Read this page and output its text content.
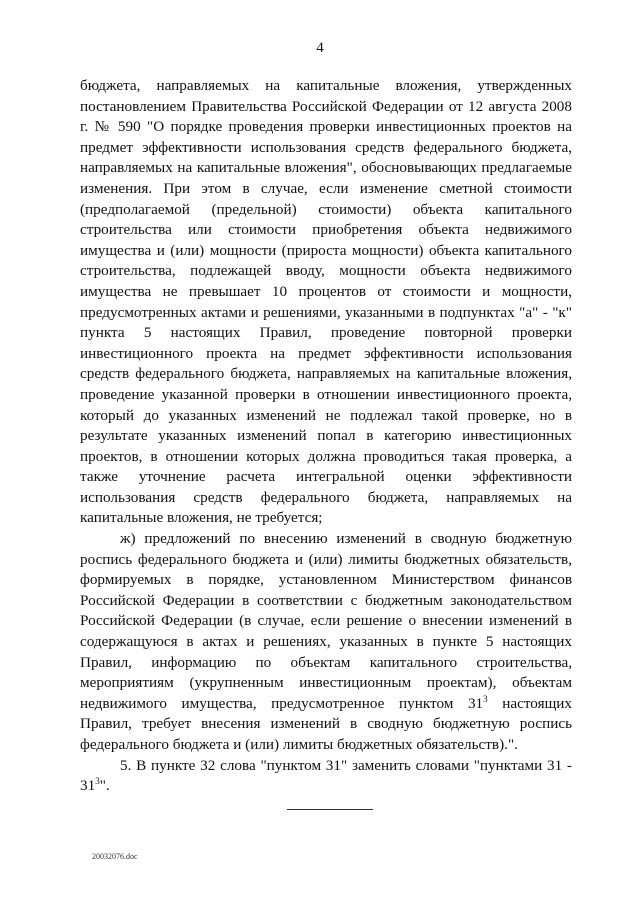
4

бюджета, направляемых на капитальные вложения, утвержденных постановлением Правительства Российской Федерации от 12 августа 2008 г. № 590 "О порядке проведения проверки инвестиционных проектов на предмет эффективности использования средств федерального бюджета, направляемых на капитальные вложения", обосновывающих предлагаемые изменения. При этом в случае, если изменение сметной стоимости (предполагаемой (предельной) стоимости) объекта капитального строительства или стоимости приобретения объекта недвижимого имущества и (или) мощности (прироста мощности) объекта капитального строительства, подлежащей вводу, мощности объекта недвижимого имущества не превышает 10 процентов от стоимости и мощности, предусмотренных актами и решениями, указанными в подпунктах "а" - "к" пункта 5 настоящих Правил, проведение повторной проверки инвестиционного проекта на предмет эффективности использования средств федерального бюджета, направляемых на капитальные вложения, проведение указанной проверки в отношении инвестиционного проекта, который до указанных изменений не подлежал такой проверке, но в результате указанных изменений попал в категорию инвестиционных проектов, в отношении которых должна проводиться такая проверка, а также уточнение расчета интегральной оценки эффективности использования средств федерального бюджета, направляемых на капитальные вложения, не требуется;

ж) предложений по внесению изменений в сводную бюджетную роспись федерального бюджета и (или) лимиты бюджетных обязательств, формируемых в порядке, установленном Министерством финансов Российской Федерации в соответствии с бюджетным законодательством Российской Федерации (в случае, если решение о внесении изменений в содержащуюся в актах и решениях, указанных в пункте 5 настоящих Правил, информацию по объектам капитального строительства, мероприятиям (укрупненным инвестиционным проектам), объектам недвижимого имущества, предусмотренное пунктом $31^3$ настоящих Правил, требует внесения изменений в сводную бюджетную роспись федерального бюджета и (или) лимиты бюджетных обязательств).".

5. В пункте 32 слова "пунктом 31" заменить словами "пунктами $31 - 31^3$".

20032076.doc
